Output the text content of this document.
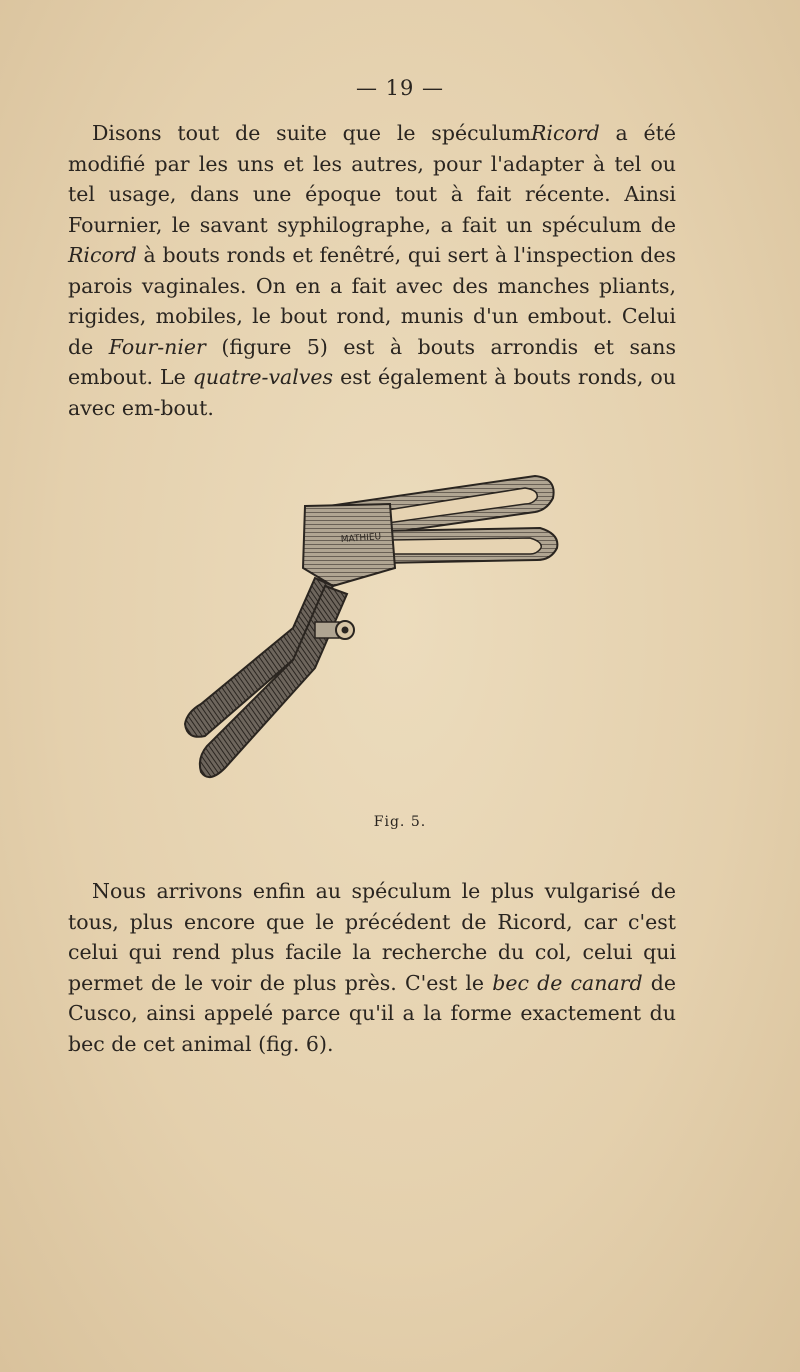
— 19 —

Disons tout de suite que le spéculumRicord a été modifié par les uns et les autres, pour l'adapter à tel ou tel usage, dans une époque tout à fait récente. Ainsi Fournier, le savant syphilographe, a fait un spéculum de Ricord à bouts ronds et fenêtré, qui sert à l'inspection des parois vaginales. On en a fait avec des manches pliants, rigides, mobiles, le bout rond, munis d'un embout. Celui de Four-nier (figure 5) est à bouts arrondis et sans embout. Le quatre-valves est également à bouts ronds, ou avec em-bout.

MATHIEU
Fig. 5.

Nous arrivons enfin au spéculum le plus vulgarisé de tous, plus encore que le précédent de Ricord, car c'est celui qui rend plus facile la recherche du col, celui qui permet de le voir de plus près. C'est le bec de canard de Cusco, ainsi appelé parce qu'il a la forme exactement du bec de cet animal (fig. 6).
